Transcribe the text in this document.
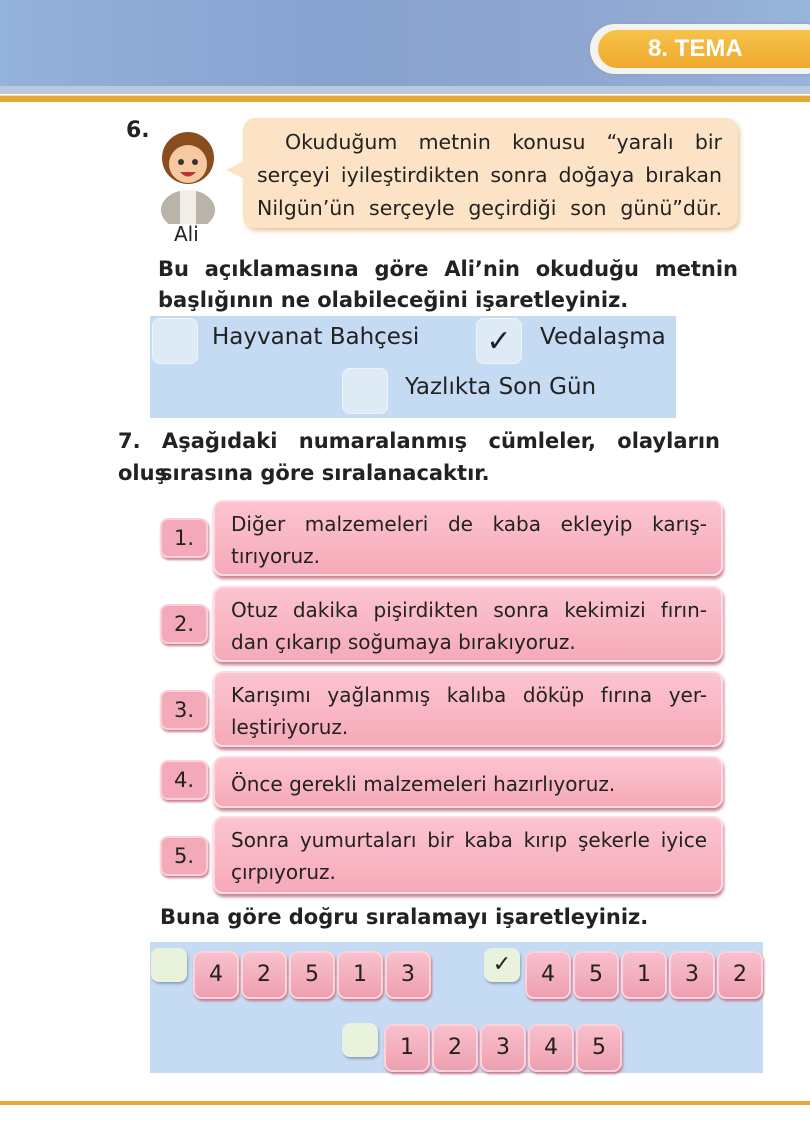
8. TEMA
6.
Ali
Okuduğum metnin konusu “yaralı bir
serçeyi iyileştirdikten sonra doğaya bırakan
Nilgün’ün serçeyle geçirdiği son günü”dür.
Bu açıklamasına göre Ali’nin okuduğu metnin
başlığının ne olabileceğini işaretleyiniz.
Hayvanat Bahçesi	✓	Vedalaşma
Yazlıkta Son Gün
7. Aşağıdaki numaralanmış cümleler, olayların oluş
sırasına göre sıralanacaktır.
1.
Diğer malzemeleri de kaba ekleyip karış-
tırıyoruz.
2.
Otuz dakika pişirdikten sonra kekimizi fırın-
dan çıkarıp soğumaya bırakıyoruz.
3.
Karışımı yağlanmış kalıba döküp fırına yer-
leştiriyoruz.
4.	Önce gerekli malzemeleri hazırlıyoruz.
5.
Sonra yumurtaları bir kaba kırıp şekerle iyice
çırpıyoruz.
Buna göre doğru sıralamayı işaretleyiniz.
4 2 5 1 3	✓	4 5 1 3 2
1 2 3 4 5
